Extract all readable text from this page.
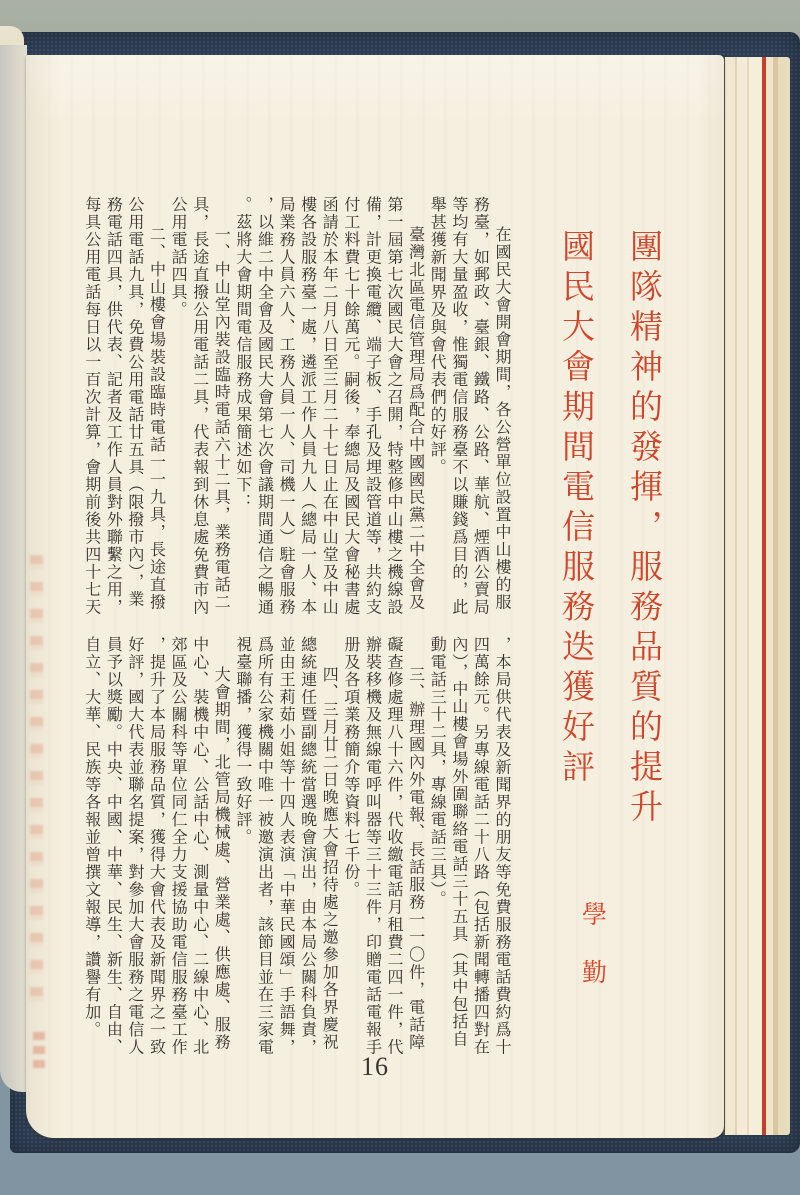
團隊精神的發揮，服務品質的提升
國民大會期間電信服務迭獲好評

在國民大會開會期間，各公營單位設置中山樓的服務臺，如郵政、臺銀、鐵路、公路、華航、煙酒公賣局等均有大量盈收，惟獨電信服務臺不以賺錢爲目的，此舉甚獲新聞界及與會代表們的好評。

臺灣北區電信管理局爲配合中國國民黨二中全會及第一屆第七次國民大會之召開，特整修中山樓之機線設備，計更換電纜、端子板、手孔及埋設管道等，共約支付工料費七十餘萬元。嗣後，奉總局及國民大會秘書處函請於本年二月八日至三月二十七日止在中山堂及中山樓各設服務臺一處，遴派工作人員九人（總局一人、本局業務人員六人、工務人員一人、司機一人）駐會服務，以維二中全會及國民大會第七次會議期間通信之暢通。茲將大會期間電信服務成果簡述如下：

一、中山堂內裝設臨時電話六十二具，業務電話二具，長途直撥公用電話二具，代表報到休息處免費市內公用電話四具。

二、中山樓會場裝設臨時電話一一九具，長途直撥公用電話九具，免費公用電話廿五具（限撥市內），業務電話四具，供代表、記者及工作人員對外聯繫之用，每具公用電話每日以一百次計算，會期前後共四十七天

，本局供代表及新聞界的朋友等免費服務電話費約爲十四萬餘元。另專線電話二十八路（包括新聞轉播四對在內），中山樓會場外圍聯絡電話三十五具（其中包括自動電話三十二具，專線電話三具）。

三、辦理國內外電報、長話服務一一〇件，電話障礙查修處理八十六件，代收繳電話月租費二四一件，代辦裝移機及無線電呼叫器等三十三件，印贈電話電報手册及各項業務簡介等資料七千份。

四、三月廿二日晚應大會招待處之邀參加各界慶祝總統連任暨副總統當選晚會演出，由本局公關科負責，並由王莉茹小姐等十四人表演「中華民國頌」手語舞，爲所有公家機關中唯一被邀演出者，該節目並在三家電視臺聯播，獲得一致好評。

大會期間，北管局機械處、營業處、供應處、服務中心、裝機中心、公話中心、測量中心、二線中心、北郊區及公關科等單位同仁全力支援協助電信服務臺工作，提升了本局服務品質，獲得大會代表及新聞界之一致好評，國大代表並聯名提案，對參加大會服務之電信人員予以獎勵。中央、中國、中華、民生、新生、自由、自立、大華、民族等各報並曾撰文報導，讚譽有加。	學
勤
16
